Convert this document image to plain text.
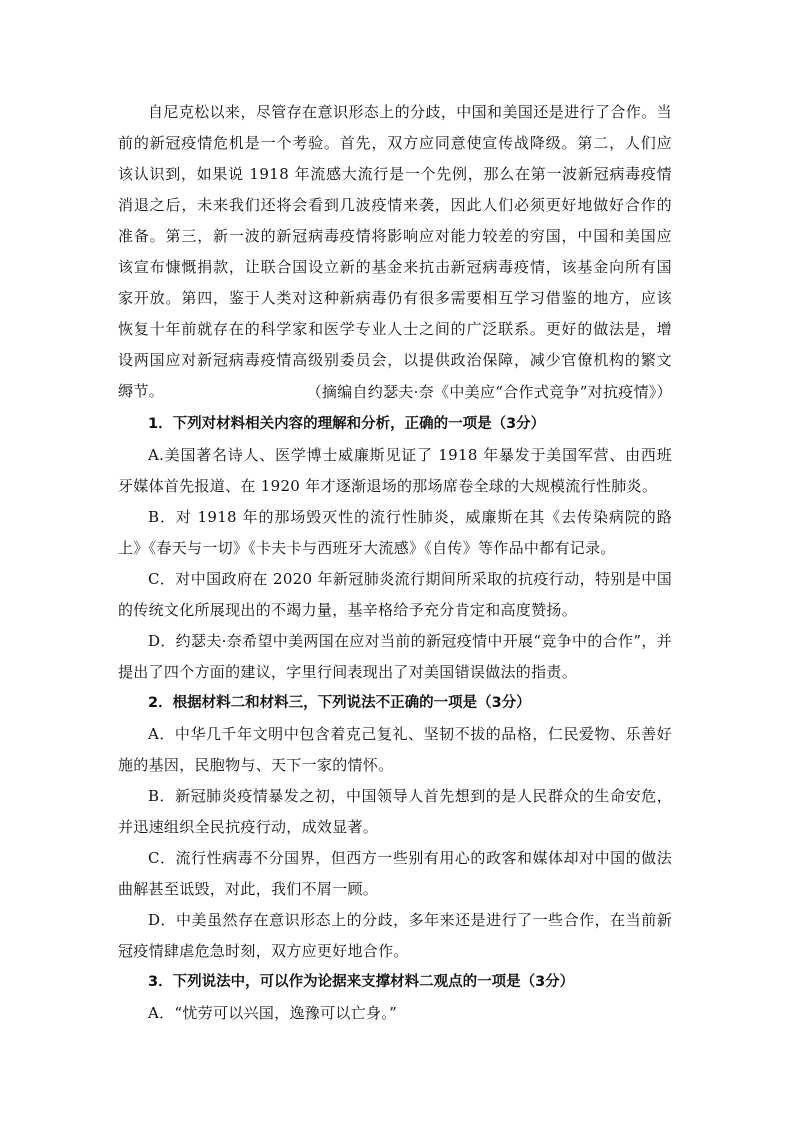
自尼克松以来，尽管存在意识形态上的分歧，中国和美国还是进行了合作。当前的新冠疫情危机是一个考验。首先，双方应同意使宣传战降级。第二，人们应该认识到，如果说 1918 年流感大流行是一个先例，那么在第一波新冠病毒疫情消退之后，未来我们还将会看到几波疫情来袭，因此人们必须更好地做好合作的准备。第三，新一波的新冠病毒疫情将影响应对能力较差的穷国，中国和美国应该宣布慷慨捐款，让联合国设立新的基金来抗击新冠病毒疫情，该基金向所有国家开放。第四，鉴于人类对这种新病毒仍有很多需要相互学习借鉴的地方，应该恢复十年前就存在的科学家和医学专业人士之间的广泛联系。更好的做法是，增设两国应对新冠病毒疫情高级别委员会，以提供政治保障，减少官僚机构的繁文缛节。	（摘编自约瑟夫·奈《中美应“合作式竞争”对抗疫情》）

1．下列对材料相关内容的理解和分析，正确的一项是（3分）

A.美国著名诗人、医学博士威廉斯见证了 1918 年暴发于美国军营、由西班牙媒体首先报道、在 1920 年才逐渐退场的那场席卷全球的大规模流行性肺炎。

B．对 1918 年的那场毁灭性的流行性肺炎，威廉斯在其《去传染病院的路上》《春天与一切》《卡夫卡与西班牙大流感》《自传》等作品中都有记录。

C．对中国政府在 2020 年新冠肺炎流行期间所采取的抗疫行动，特别是中国的传统文化所展现出的不竭力量，基辛格给予充分肯定和高度赞扬。

D．约瑟夫·奈希望中美两国在应对当前的新冠疫情中开展“竞争中的合作”，并提出了四个方面的建议，字里行间表现出了对美国错误做法的指责。

2．根据材料二和材料三，下列说法不正确的一项是（3分）

A．中华几千年文明中包含着克己复礼、坚韧不拔的品格，仁民爱物、乐善好施的基因，民胞物与、天下一家的情怀。

B．新冠肺炎疫情暴发之初，中国领导人首先想到的是人民群众的生命安危，并迅速组织全民抗疫行动，成效显著。

C．流行性病毒不分国界，但西方一些别有用心的政客和媒体却对中国的做法曲解甚至诋毁，对此，我们不屑一顾。

D．中美虽然存在意识形态上的分歧，多年来还是进行了一些合作，在当前新冠疫情肆虐危急时刻，双方应更好地合作。

3．下列说法中，可以作为论据来支撑材料二观点的一项是（3分）

A．“忧劳可以兴国，逸豫可以亡身。”
